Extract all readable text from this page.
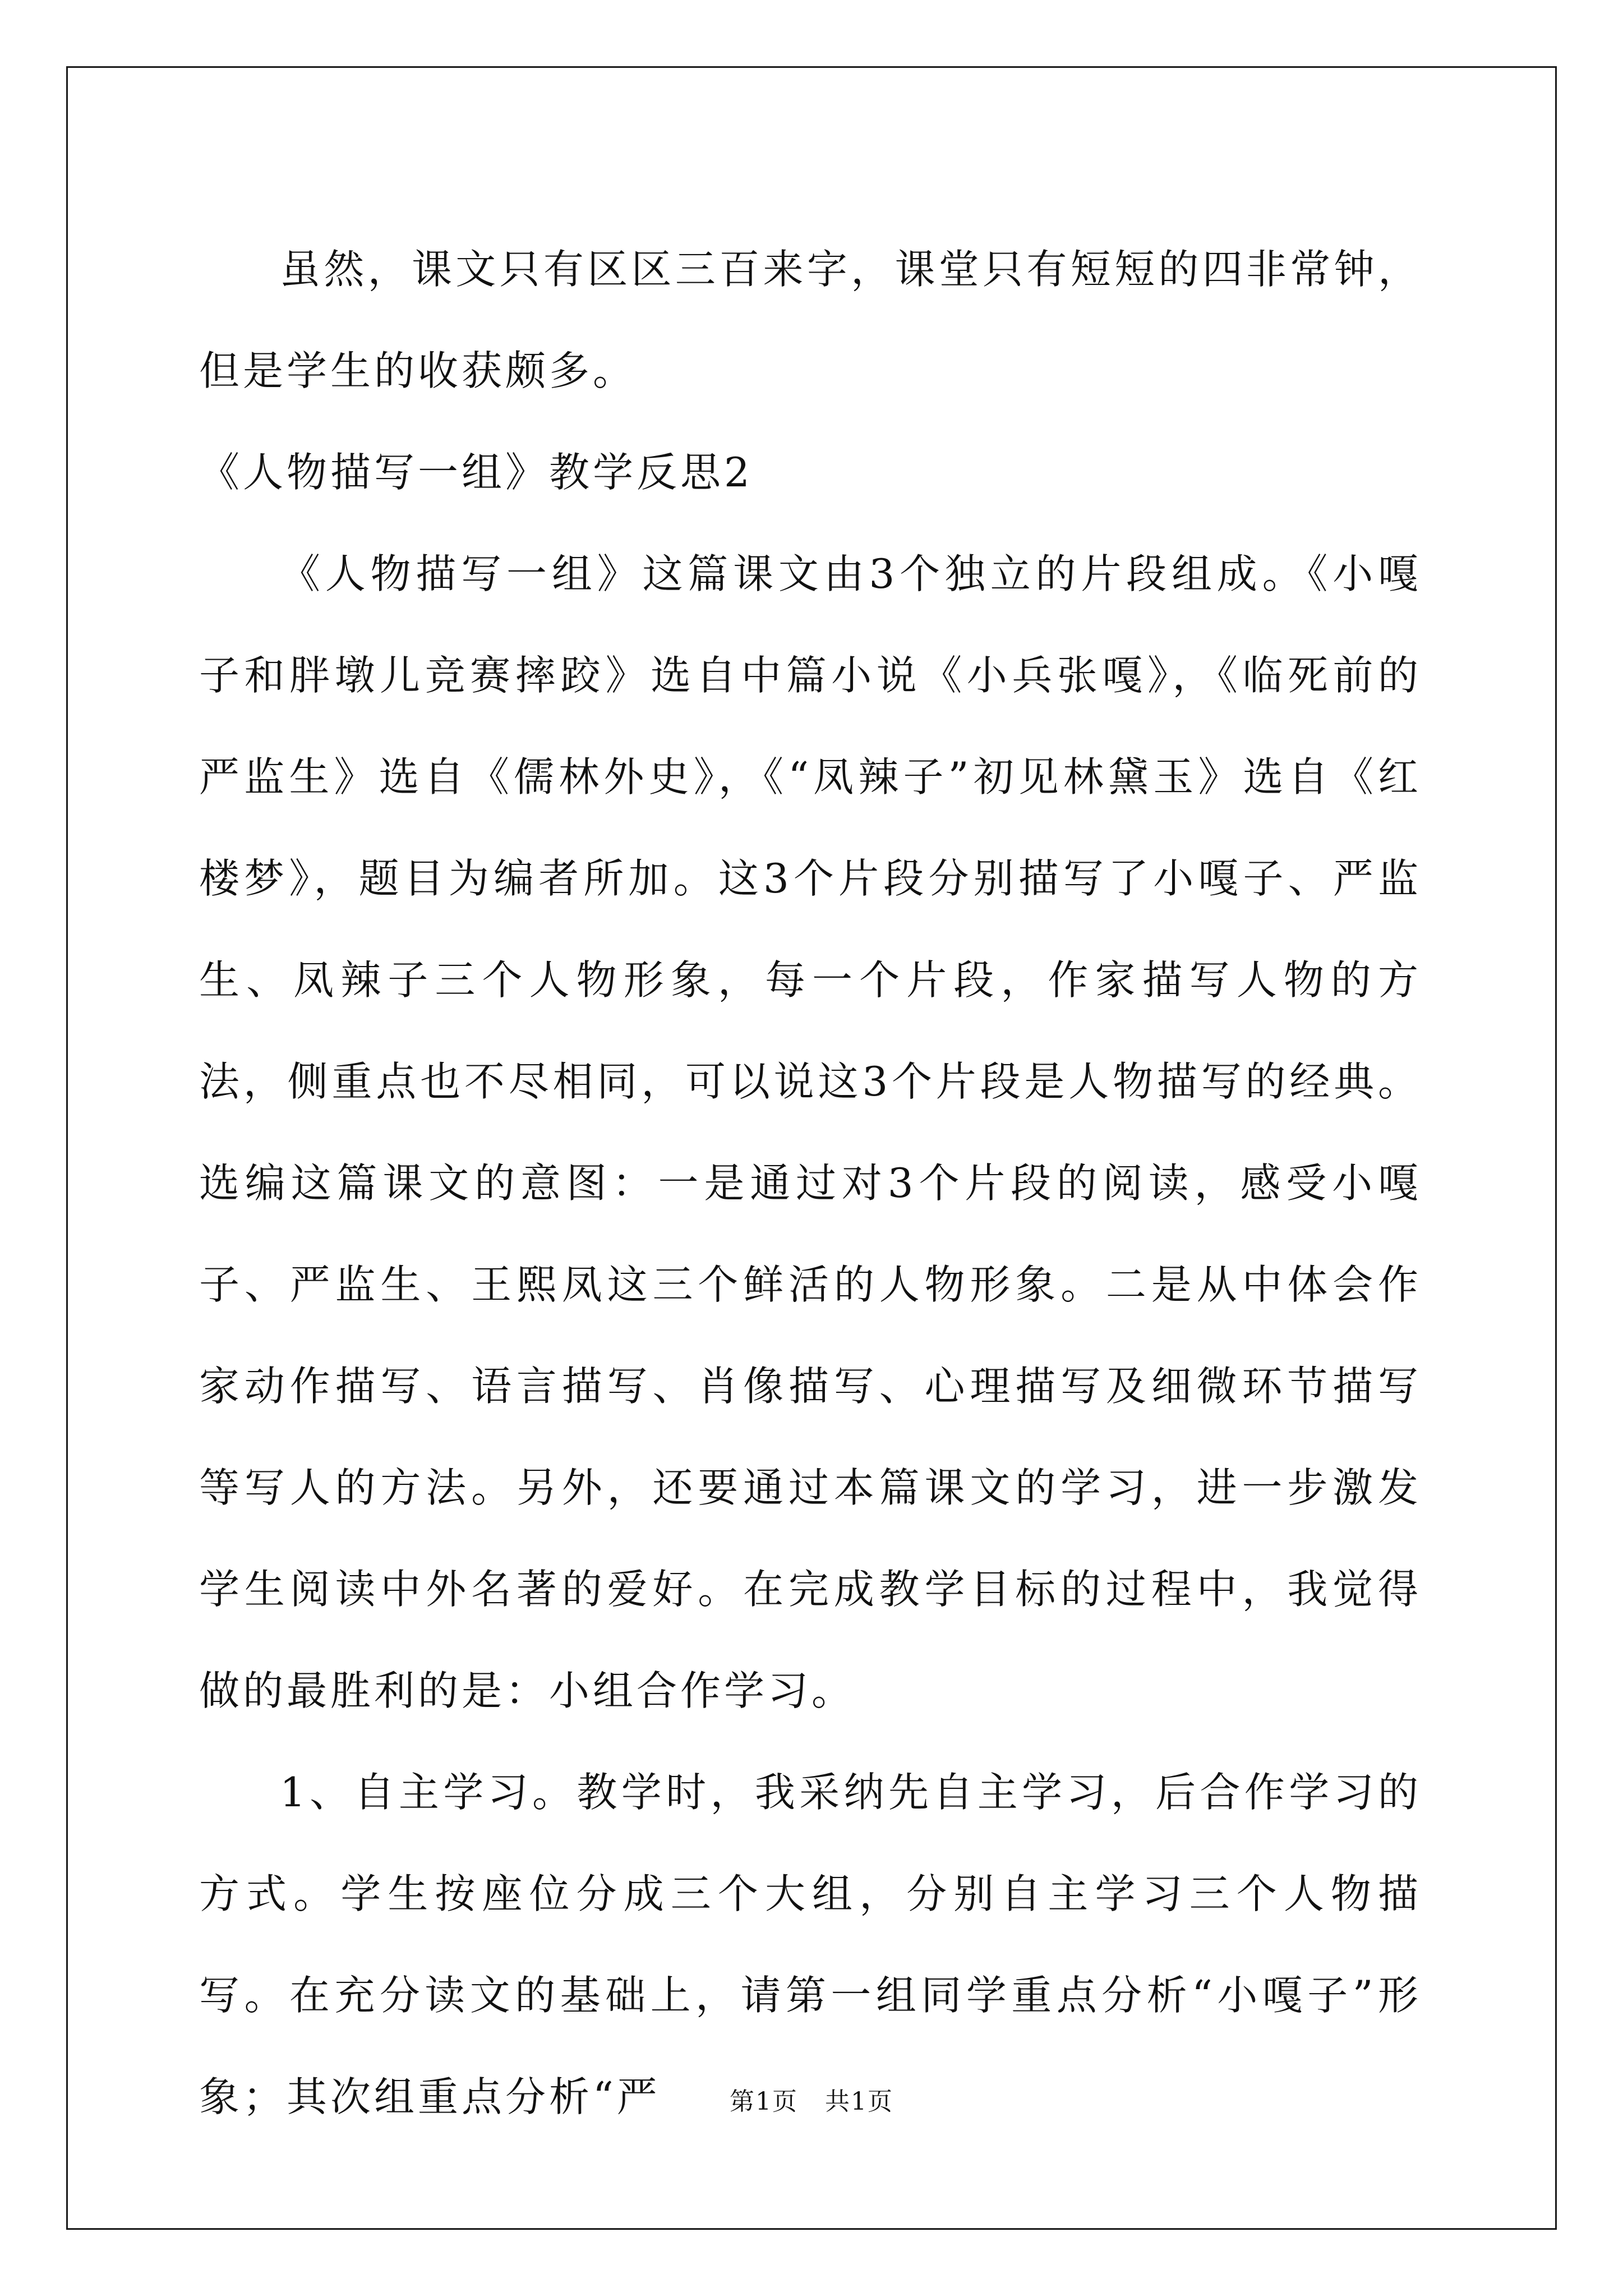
虽然，课文只有区区三百来字，课堂只有短短的四非常钟，但是学生的收获颇多。

《人物描写一组》教学反思2

《人物描写一组》这篇课文由3个独立的片段组成。《小嘎子和胖墩儿竞赛摔跤》选自中篇小说《小兵张嘎》，《临死前的严监生》选自《儒林外史》，《“凤辣子”初见林黛玉》选自《红楼梦》，题目为编者所加。这3个片段分别描写了小嘎子、严监生、凤辣子三个人物形象，每一个片段，作家描写人物的方法，侧重点也不尽相同，可以说这3个片段是人物描写的经典。选编这篇课文的意图：一是通过对3个片段的阅读，感受小嘎子、严监生、王熙凤这三个鲜活的人物形象。二是从中体会作家动作描写、语言描写、肖像描写、心理描写及细微环节描写等写人的方法。另外，还要通过本篇课文的学习，进一步激发学生阅读中外名著的爱好。在完成教学目标的过程中，我觉得做的最胜利的是：小组合作学习。

1、自主学习。教学时，我采纳先自主学习，后合作学习的方式。学生按座位分成三个大组，分别自主学习三个人物描写。在充分读文的基础上，请第一组同学重点分析“小嘎子”形象；其次组重点分析“严	第1页 共1页
